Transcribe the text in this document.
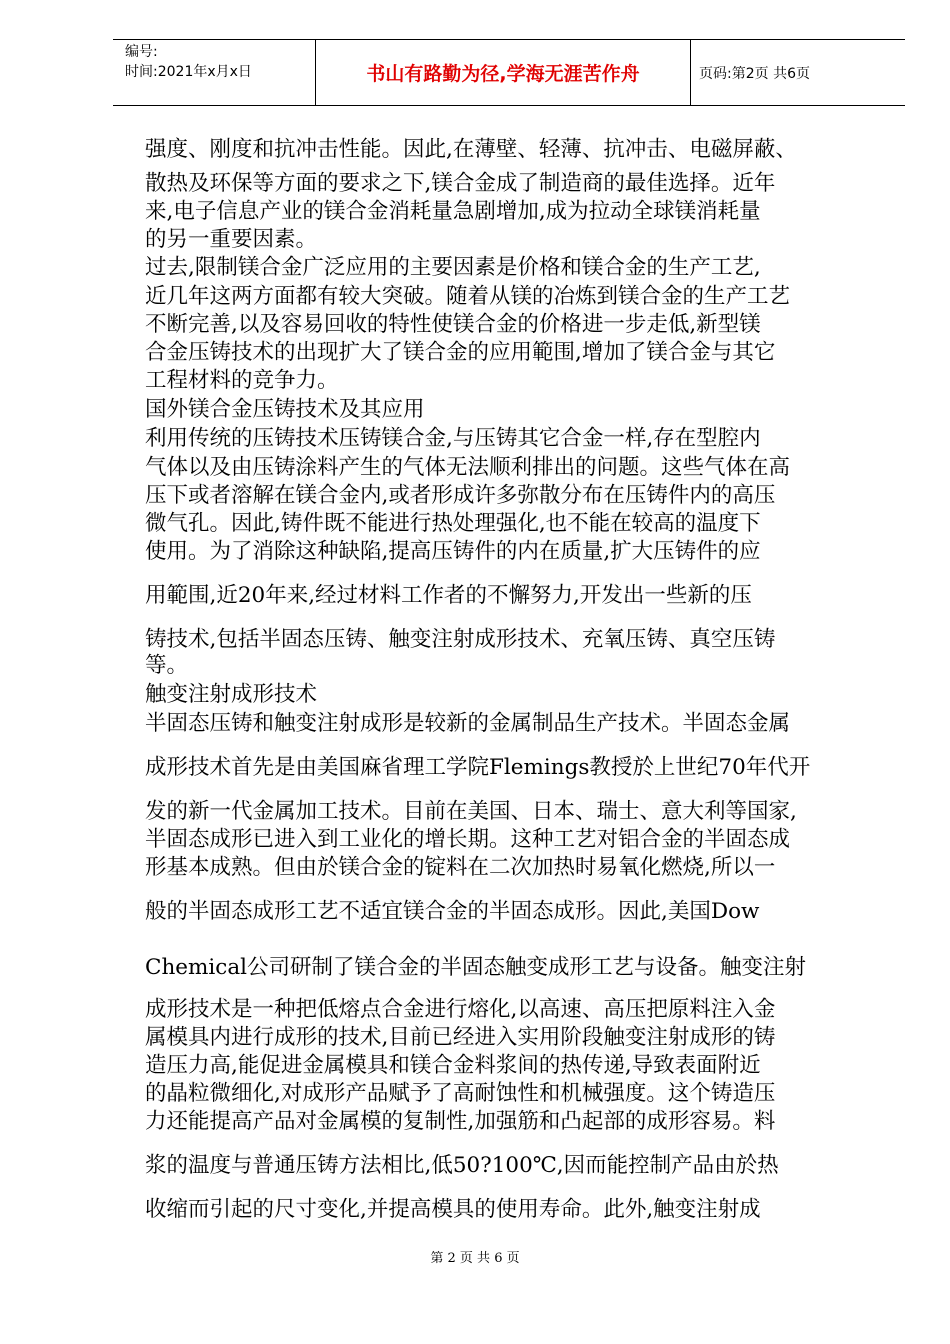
编号:
时间:2021年x月x日	书山有路勤为径,学海无涯苦作舟	页码:第2页 共6页

强度、刚度和抗冲击性能。因此,在薄壁、轻薄、抗冲击、电磁屏蔽、

散热及环保等方面的要求之下,镁合金成了制造商的最佳选择。近年

来,电子信息产业的镁合金消耗量急剧增加,成为拉动全球镁消耗量

的另一重要因素。

过去,限制镁合金广泛应用的主要因素是价格和镁合金的生产工艺,

近几年这两方面都有较大突破。随着从镁的冶炼到镁合金的生产工艺

不断完善,以及容易回收的特性使镁合金的价格进一步走低,新型镁

合金压铸技术的出现扩大了镁合金的应用範围,增加了镁合金与其它

工程材料的竞争力。

国外镁合金压铸技术及其应用

利用传统的压铸技术压铸镁合金,与压铸其它合金一样,存在型腔内

气体以及由压铸涂料产生的气体无法顺利排出的问题。这些气体在高

压下或者溶解在镁合金内,或者形成许多弥散分布在压铸件内的高压

微气孔。因此,铸件既不能进行热处理强化,也不能在较高的温度下

使用。为了消除这种缺陷,提高压铸件的内在质量,扩大压铸件的应

用範围,近20年来,经过材料工作者的不懈努力,开发出一些新的压

铸技术,包括半固态压铸、触变注射成形技术、充氧压铸、真空压铸

等。

触变注射成形技术

半固态压铸和触变注射成形是较新的金属制品生产技术。半固态金属

成形技术首先是由美国麻省理工学院Flemings教授於上世纪70年代开

发的新一代金属加工技术。目前在美国、日本、瑞士、意大利等国家,

半固态成形已进入到工业化的增长期。这种工艺对铝合金的半固态成

形基本成熟。但由於镁合金的锭料在二次加热时易氧化燃烧,所以一

般的半固态成形工艺不适宜镁合金的半固态成形。因此,美国Dow

Chemical公司研制了镁合金的半固态触变成形工艺与设备。触变注射

成形技术是一种把低熔点合金进行熔化,以高速、高压把原料注入金

属模具内进行成形的技术,目前已经进入实用阶段触变注射成形的铸

造压力高,能促进金属模具和镁合金料浆间的热传递,导致表面附近

的晶粒微细化,对成形产品赋予了高耐蚀性和机械强度。这个铸造压

力还能提高产品对金属模的复制性,加强筋和凸起部的成形容易。料

浆的温度与普通压铸方法相比,低50?100℃,因而能控制产品由於热

收缩而引起的尺寸变化,并提高模具的使用寿命。此外,触变注射成

第 2 页 共 6 页
